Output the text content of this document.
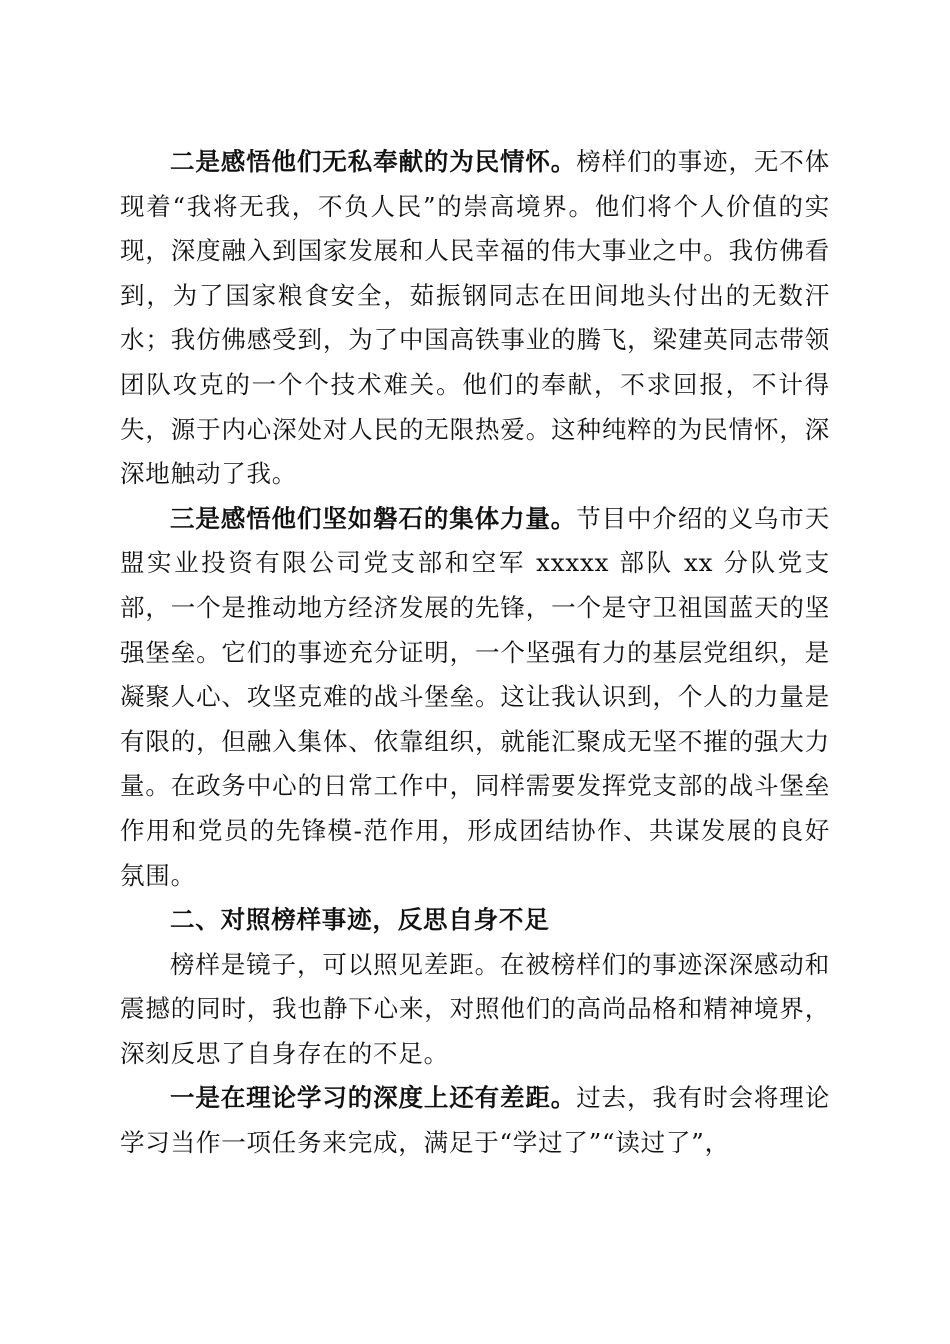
二是感悟他们无私奉献的为民情怀。榜样们的事迹，无不体现着“我将无我，不负人民”的崇高境界。他们将个人价值的实现，深度融入到国家发展和人民幸福的伟大事业之中。我仿佛看到，为了国家粮食安全，茹振钢同志在田间地头付出的无数汗水；我仿佛感受到，为了中国高铁事业的腾飞，梁建英同志带领团队攻克的一个个技术难关。他们的奉献，不求回报，不计得失，源于内心深处对人民的无限热爱。这种纯粹的为民情怀，深深地触动了我。

三是感悟他们坚如磐石的集体力量。节目中介绍的义乌市天盟实业投资有限公司党支部和空军 xxxxx 部队 xx 分队党支部，一个是推动地方经济发展的先锋，一个是守卫祖国蓝天的坚强堡垒。它们的事迹充分证明，一个坚强有力的基层党组织，是凝聚人心、攻坚克难的战斗堡垒。这让我认识到，个人的力量是有限的，但融入集体、依靠组织，就能汇聚成无坚不摧的强大力量。在政务中心的日常工作中，同样需要发挥党支部的战斗堡垒作用和党员的先锋模-范作用，形成团结协作、共谋发展的良好氛围。

二、对照榜样事迹，反思自身不足

榜样是镜子，可以照见差距。在被榜样们的事迹深深感动和震撼的同时，我也静下心来，对照他们的高尚品格和精神境界，深刻反思了自身存在的不足。

一是在理论学习的深度上还有差距。过去，我有时会将理论学习当作一项任务来完成，满足于“学过了”“读过了”，
